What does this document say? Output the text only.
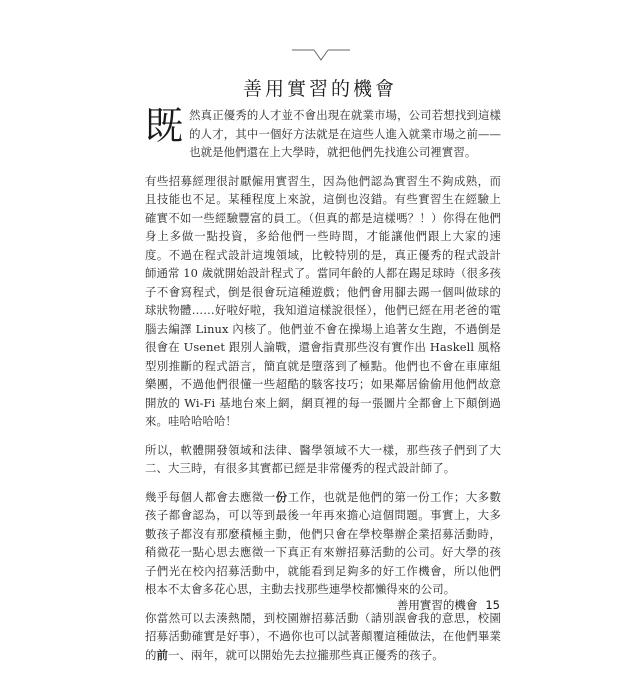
善用實習的機會

既然真正優秀的人才並不會出現在就業市場，公司若想找到這樣的人才，其中一個好方法就是在這些人進入就業市場之前——也就是他們還在上大學時，就把他們先找進公司裡實習。

有些招募經理很討厭僱用實習生，因為他們認為實習生不夠成熟，而且技能也不足。某種程度上來說，這倒也沒錯。有些實習生在經驗上確實不如一些經驗豐富的員工。（但真的都是這樣嗎？！）你得在他們身上多做一點投資，多給他們一些時間，才能讓他們跟上大家的速度。不過在程式設計這塊領域，比較特別的是，真正優秀的程式設計師通常 10 歲就開始設計程式了。當同年齡的人都在踢足球時（很多孩子不會寫程式，倒是很會玩這種遊戲；他們會用腳去踢一個叫做球的球狀物體……好啦好啦，我知道這樣說很怪），他們已經在用老爸的電腦去編譯 Linux 內核了。他們並不會在操場上追著女生跑，不過倒是很會在 Usenet 跟別人論戰，還會指責那些沒有實作出 Haskell 風格型別推斷的程式語言，簡直就是墮落到了極點。他們也不會在車庫組樂團，不過他們很懂一些超酷的駭客技巧；如果鄰居偷偷用他們故意開放的 Wi-Fi 基地台來上網，網頁裡的每一張圖片全都會上下顛倒過來。哇哈哈哈哈！

所以，軟體開發領域和法律、醫學領域不大一樣，那些孩子們到了大二、大三時，有很多其實都已經是非常優秀的程式設計師了。

幾乎每個人都會去應徵一份工作，也就是他們的第一份工作；大多數孩子都會認為，可以等到最後一年再來擔心這個問題。事實上，大多數孩子都沒有那麼積極主動，他們只會在學校舉辦企業招募活動時，稍微花一點心思去應徵一下真正有來辦招募活動的公司。好大學的孩子們光在校內招募活動中，就能看到足夠多的好工作機會，所以他們根本不太會多花心思，主動去找那些連學校都懶得來的公司。

你當然可以去湊熱鬧，到校園辦招募活動（請別誤會我的意思，校園招募活動確實是好事），不過你也可以試著顛覆這種做法，在他們畢業的前一、兩年，就可以開始先去拉攏那些真正優秀的孩子。

善用實習的機會 15
